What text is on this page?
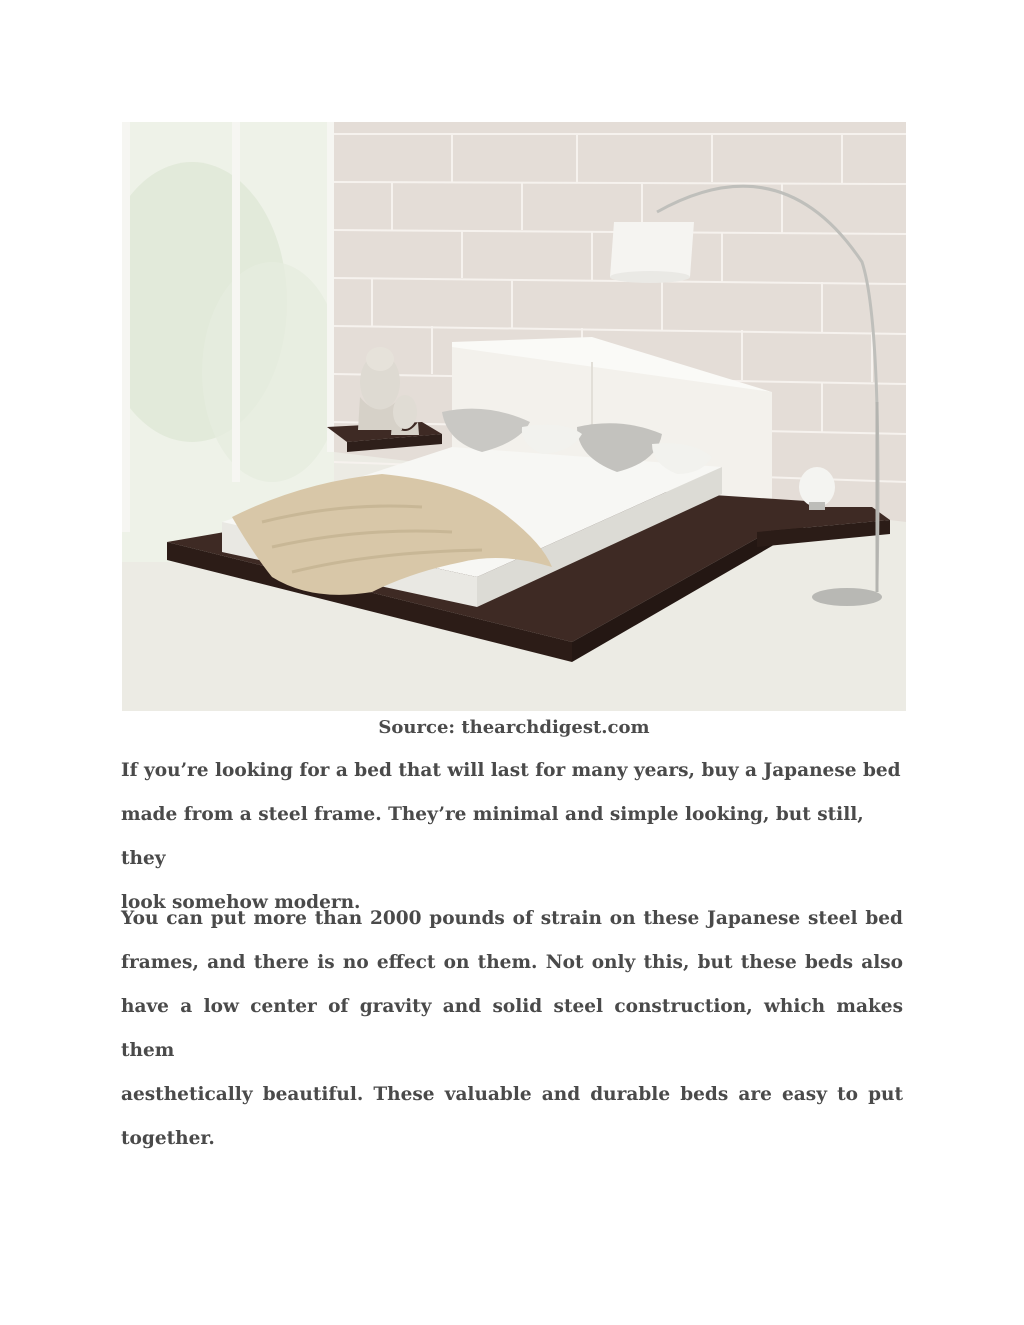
Source: thearchdigest.com

If you’re looking for a bed that will last for many years, buy a Japanese bed
made from a steel frame. They’re minimal and simple looking, but still, they
look somehow modern.

You can put more than 2000 pounds of strain on these Japanese steel bed
frames, and there is no effect on them. Not only this, but these beds also
have a low center of gravity and solid steel construction, which makes them
aesthetically beautiful. These valuable and durable beds are easy to put
together.
